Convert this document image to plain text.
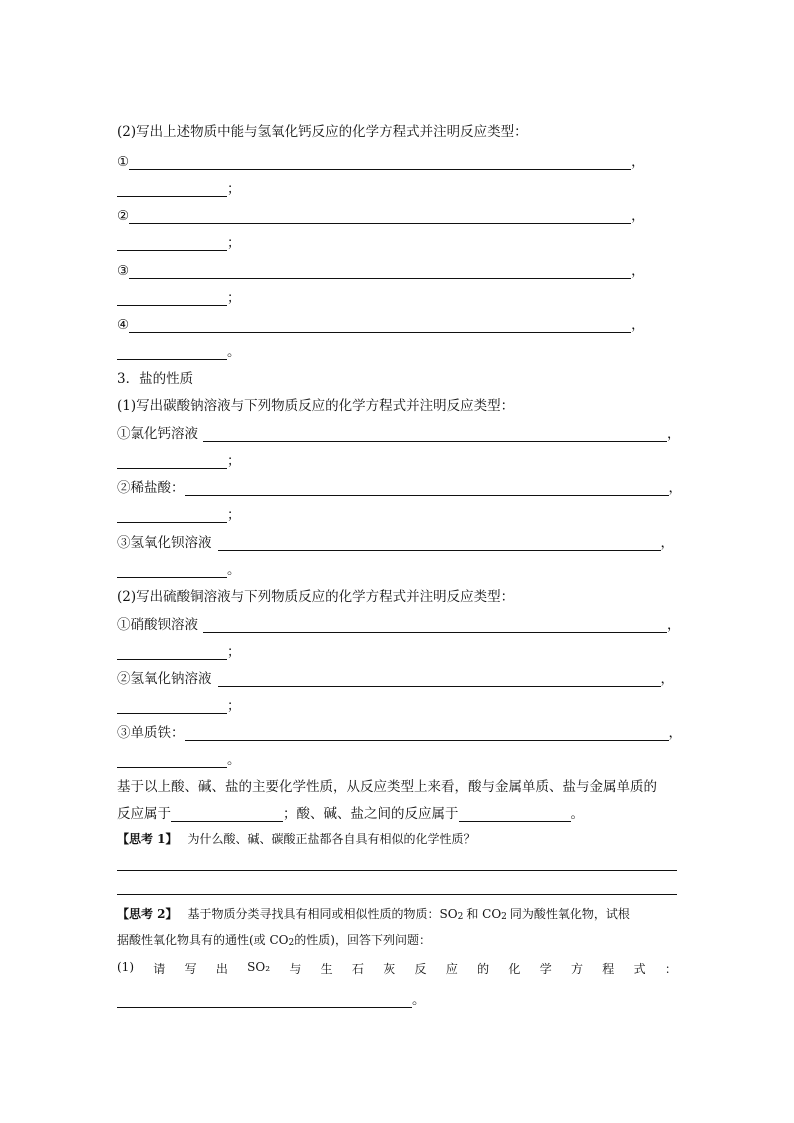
(2)写出上述物质中能与氢氧化钙反应的化学方程式并注明反应类型：
①	，
；
②	，
；
③	，
；
④	，
。
3．盐的性质
(1)写出碳酸钠溶液与下列物质反应的化学方程式并注明反应类型：
①氯化钙溶液	，
；
②稀盐酸：	，
；
③氢氧化钡溶液	，
。
(2)写出硫酸铜溶液与下列物质反应的化学方程式并注明反应类型：
①硝酸钡溶液	，
；
②氢氧化钠溶液	，
；
③单质铁：	，
。
基于以上酸、碱、盐的主要化学性质，从反应类型上来看，酸与金属单质、盐与金属单质的
反应属于	；酸、碱、盐之间的反应属于	。
【思考 1】 为什么酸、碱、碳酸正盐都各自具有相似的化学性质？
【思考 2】 基于物质分类寻找具有相同或相似性质的物质：$SO_2$ 和 $CO_2$ 同为酸性氧化物，试根
据酸性氧化物具有的通性(或 $CO_2$ 的性质)，回答下列问题：
(1) 请 写 出 SO₂ 与 生 石 灰 反 应 的 化 学 方 程 式 ：
。
